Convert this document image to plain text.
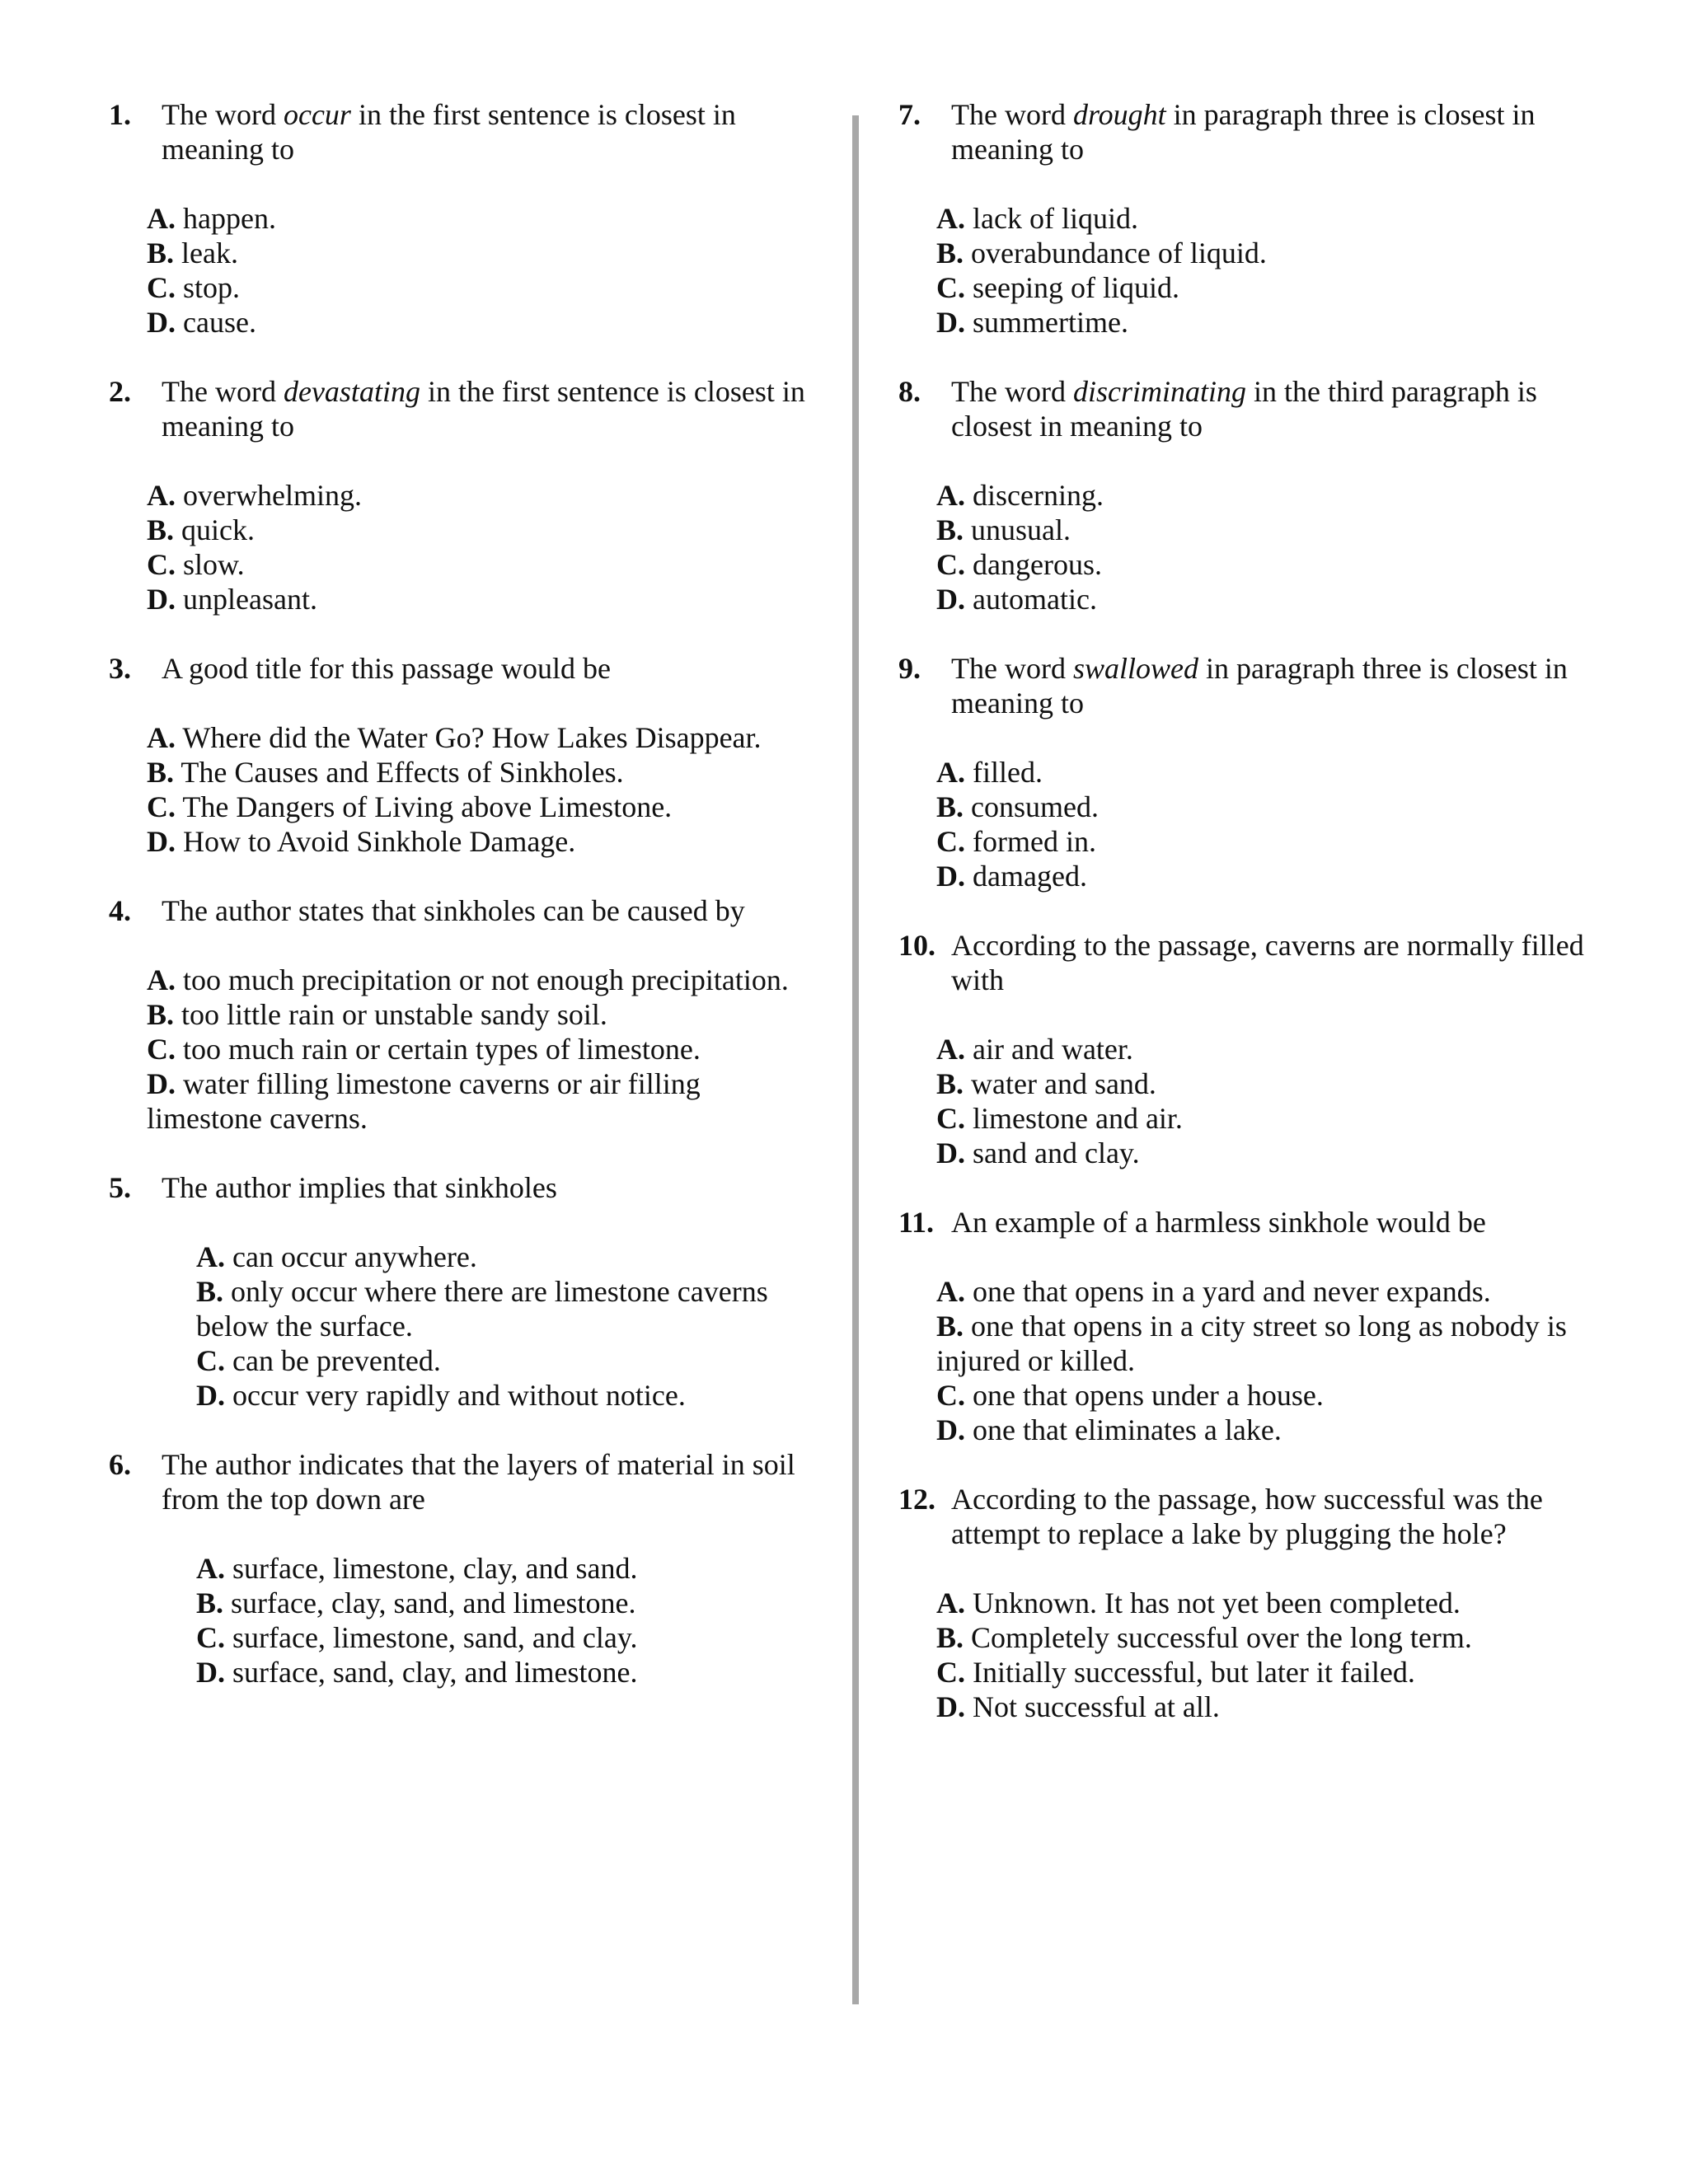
1. The word occur in the first sentence is closest in meaning to

A. happen.
B. leak.
C. stop.
D. cause.
2. The word devastating in the first sentence is closest in meaning to

A. overwhelming.
B. quick.
C. slow.
D. unpleasant.
3. A good title for this passage would be

A. Where did the Water Go? How Lakes Disappear.
B. The Causes and Effects of Sinkholes.
C. The Dangers of Living above Limestone.
D. How to Avoid Sinkhole Damage.
4. The author states that sinkholes can be caused by

A. too much precipitation or not enough precipitation.
B. too little rain or unstable sandy soil.
C. too much rain or certain types of limestone.
D. water filling limestone caverns or air filling limestone caverns.
5. The author implies that sinkholes

A. can occur anywhere.
B. only occur where there are limestone caverns below the surface.
C. can be prevented.
D. occur very rapidly and without notice.
6. The author indicates that the layers of material in soil from the top down are

A. surface, limestone, clay, and sand.
B. surface, clay, sand, and limestone.
C. surface, limestone, sand, and clay.
D. surface, sand, clay, and limestone.
7. The word drought in paragraph three is closest in meaning to

A. lack of liquid.
B. overabundance of liquid.
C. seeping of liquid.
D. summertime.
8. The word discriminating in the third paragraph is closest in meaning to

A. discerning.
B. unusual.
C. dangerous.
D. automatic.
9. The word swallowed in paragraph three is closest in meaning to

A. filled.
B. consumed.
C. formed in.
D. damaged.
10. According to the passage, caverns are normally filled with

A. air and water.
B. water and sand.
C. limestone and air.
D. sand and clay.
11. An example of a harmless sinkhole would be

A. one that opens in a yard and never expands.
B. one that opens in a city street so long as nobody is injured or killed.
C. one that opens under a house.
D. one that eliminates a lake.
12. According to the passage, how successful was the attempt to replace a lake by plugging the hole?

A. Unknown. It has not yet been completed.
B. Completely successful over the long term.
C. Initially successful, but later it failed.
D. Not successful at all.
